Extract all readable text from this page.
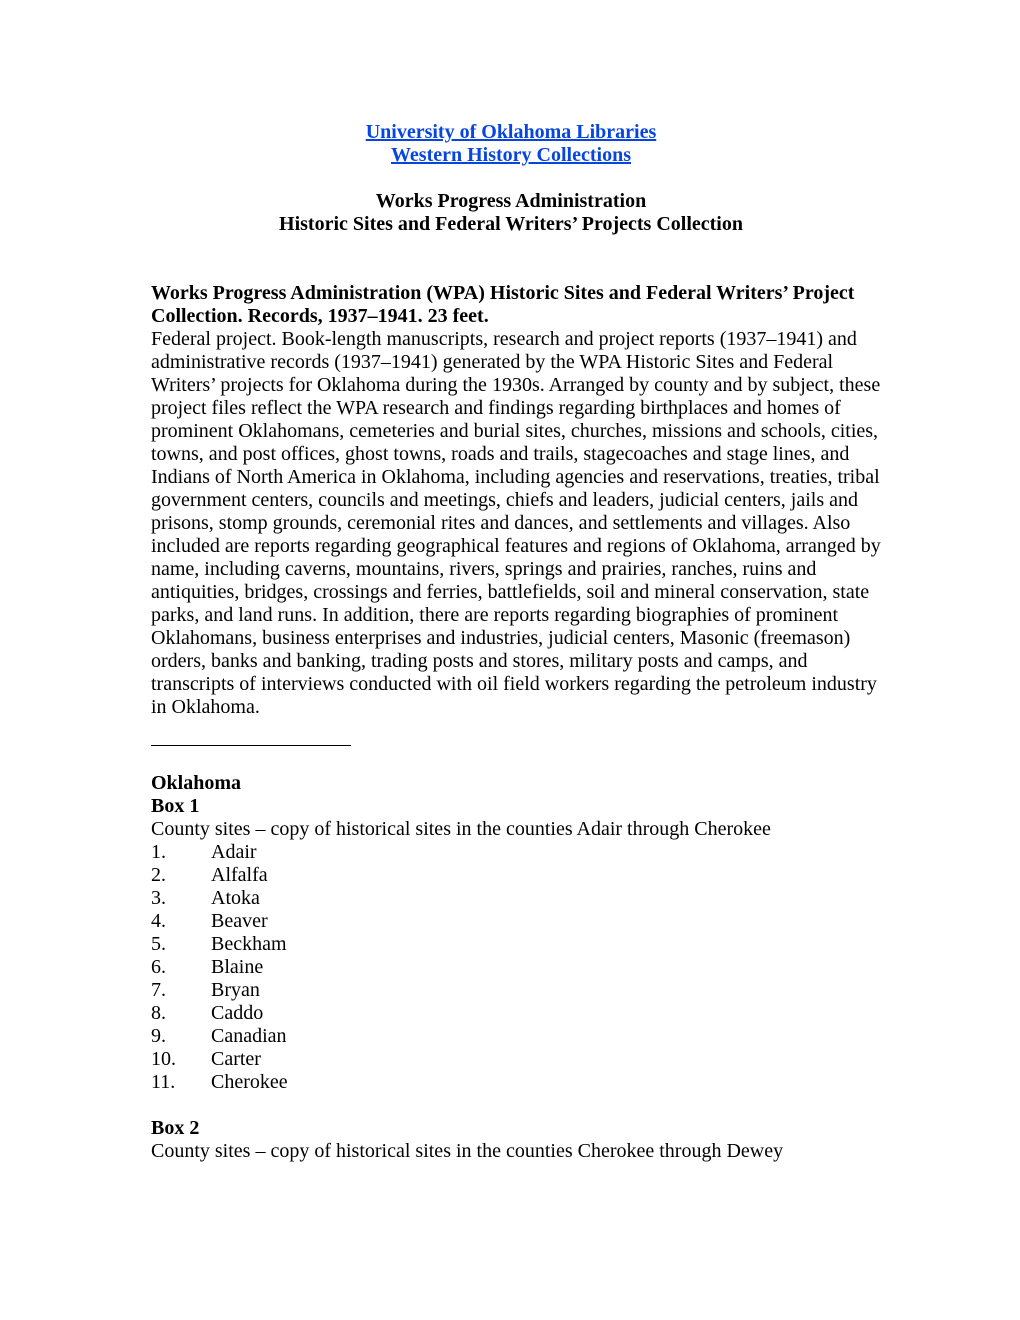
University of Oklahoma Libraries
Western History Collections
Works Progress Administration
Historic Sites and Federal Writers’ Projects Collection
Works Progress Administration (WPA) Historic Sites and Federal Writers’ Project
Collection. Records, 1937–1941. 23 feet.
Federal project. Book-length manuscripts, research and project reports (1937–1941) and
administrative records (1937–1941) generated by the WPA Historic Sites and Federal
Writers’ projects for Oklahoma during the 1930s. Arranged by county and by subject, these
project files reflect the WPA research and findings regarding birthplaces and homes of
prominent Oklahomans, cemeteries and burial sites, churches, missions and schools, cities,
towns, and post offices, ghost towns, roads and trails, stagecoaches and stage lines, and
Indians of North America in Oklahoma, including agencies and reservations, treaties, tribal
government centers, councils and meetings, chiefs and leaders, judicial centers, jails and
prisons, stomp grounds, ceremonial rites and dances, and settlements and villages. Also
included are reports regarding geographical features and regions of Oklahoma, arranged by
name, including caverns, mountains, rivers, springs and prairies, ranches, ruins and
antiquities, bridges, crossings and ferries, battlefields, soil and mineral conservation, state
parks, and land runs. In addition, there are reports regarding biographies of prominent
Oklahomans, business enterprises and industries, judicial centers, Masonic (freemason)
orders, banks and banking, trading posts and stores, military posts and camps, and
transcripts of interviews conducted with oil field workers regarding the petroleum industry
in Oklahoma.
Oklahoma
Box 1
County sites – copy of historical sites in the counties Adair through Cherokee
1.	Adair
2.	Alfalfa
3.	Atoka
4.	Beaver
5.	Beckham
6.	Blaine
7.	Bryan
8.	Caddo
9.	Canadian
10.	Carter
11.	Cherokee
Box 2
County sites – copy of historical sites in the counties Cherokee through Dewey
